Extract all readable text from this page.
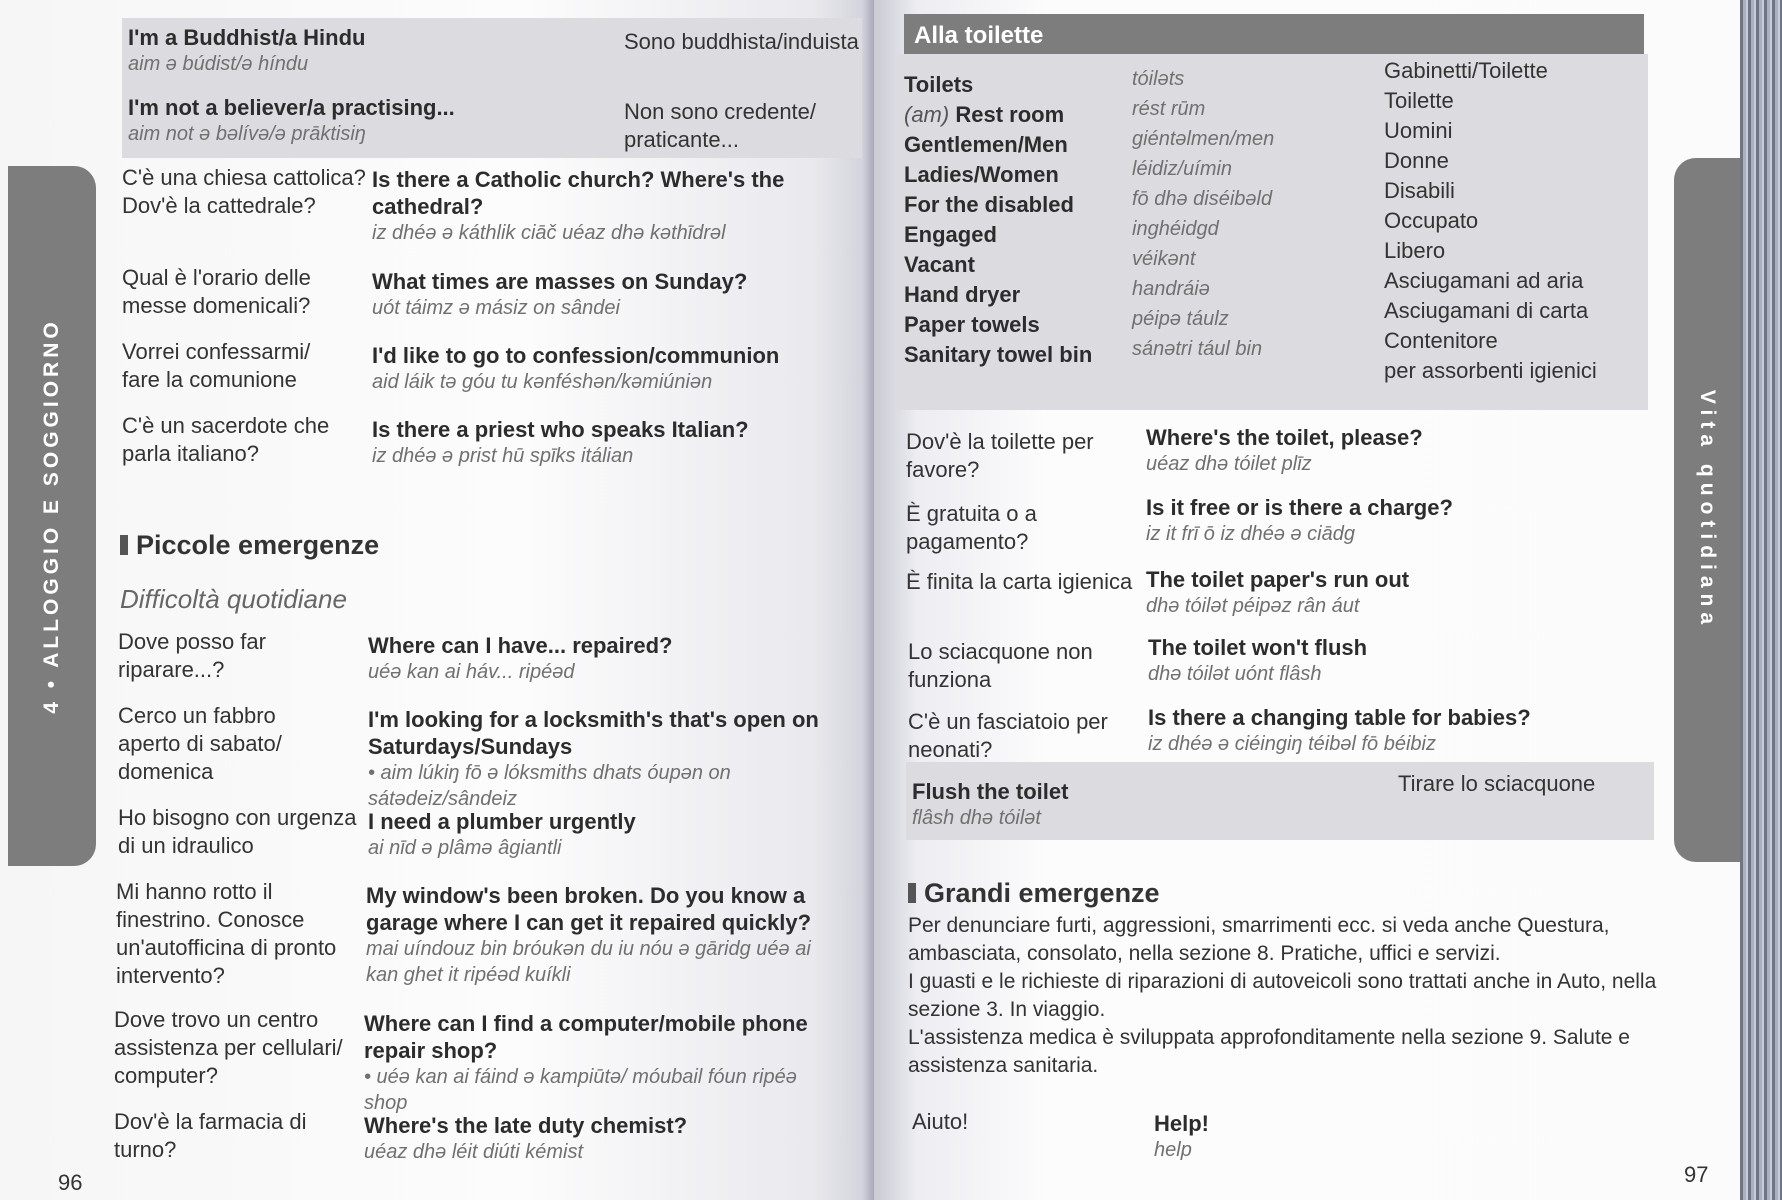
I'm a Buddhist/a Hindu
aim ə búdist/ə híndu
Sono buddhista/induista
I'm not a believer/a practising...
aim not ə bəlívə/ə prāktisiŋ
Non sono credente/ praticante...
C'è una chiesa cattolica? Dov'è la cattedrale?
Is there a Catholic church? Where's the cathedral?
iz dhéə ə káthlik ciāč uéaz dhə kəthīdrəl
Qual è l'orario delle messe domenicali?
What times are masses on Sunday?
uót táimz ə másiz on sândei
Vorrei confessarmi/ fare la comunione
I'd like to go to confession/communion
aid láik tə góu tu kənféshən/kəmiúniən
C'è un sacerdote che parla italiano?
Is there a priest who speaks Italian?
iz dhéə ə prist hū spīks itálian
Piccole emergenze
Difficoltà quotidiane
Dove posso far riparare...?
Where can I have... repaired?
uéə kan ai háv... ripéəd
Cerco un fabbro aperto di sabato/ domenica
I'm looking for a locksmith's that's open on Saturdays/Sundays
• aim lúkiŋ fō ə lóksmiths dhats óupən on sátədeiz/sândeiz
Ho bisogno con urgenza di un idraulico
I need a plumber urgently
ai nīd ə plâmə âgiantli
Mi hanno rotto il finestrino. Conosce un'autofficina di pronto intervento?
My window's been broken. Do you know a garage where I can get it repaired quickly?
mai uíndouz bin bróukən du iu nóu ə gāridg uéə ai kan ghet it ripéəd kuíkli
Dove trovo un centro assistenza per cellulari/ computer?
Where can I find a computer/mobile phone repair shop?
• uéə kan ai fáind ə kampiūtə/ móubail fóun ripéə shop
Dov'è la farmacia di turno?
Where's the late duty chemist?
uéaz dhə léit diúti kémist
4 • ALLOGGIO E SOGGIORNO
96
Alla toilette
Toilets
(am) Rest room
Gentlemen/Men
Ladies/Women
For the disabled
Engaged
Vacant
Hand dryer
Paper towels
Sanitary towel bin
tóiləts
rést rūm
giéntəlmen/men
léidiz/uímin
fō dhə diséibəld
inghéidgd
véikənt
handráiə
péipə táulz
sánətri tául bin
Gabinetti/Toilette
Toilette
Uomini
Donne
Disabili
Occupato
Libero
Asciugamani ad aria
Asciugamani di carta
Contenitore
per assorbenti igienici
Dov'è la toilette per favore?
Where's the toilet, please?
uéaz dhə tóilet plīz
È gratuita o a pagamento?
Is it free or is there a charge?
iz it frī ō iz dhéə ə ciādg
È finita la carta igienica The toilet paper's run out
dhə tóilət péipəz rân áut
Lo sciacquone non funziona
The toilet won't flush
dhə tóilət uónt flâsh
C'è un fasciatoio per neonati?
Is there a changing table for babies?
iz dhéə ə ciéingiŋ téibəl fō béibiz
Flush the toilet
flâsh dhə tóilət
Tirare lo sciacquone
Grandi emergenze

Per denunciare furti, aggressioni, smarrimenti ecc. si veda anche Questura, ambasciata, consolato, nella sezione 8. Pratiche, uffici e servizi.

I guasti e le richieste di riparazioni di autoveicoli sono trattati anche in Auto, nella sezione 3. In viaggio.

L'assistenza medica è sviluppata approfonditamente nella sezione 9. Salute e assistenza sanitaria.

Aiuto!	Help!
help
Vita quotidiana
97
